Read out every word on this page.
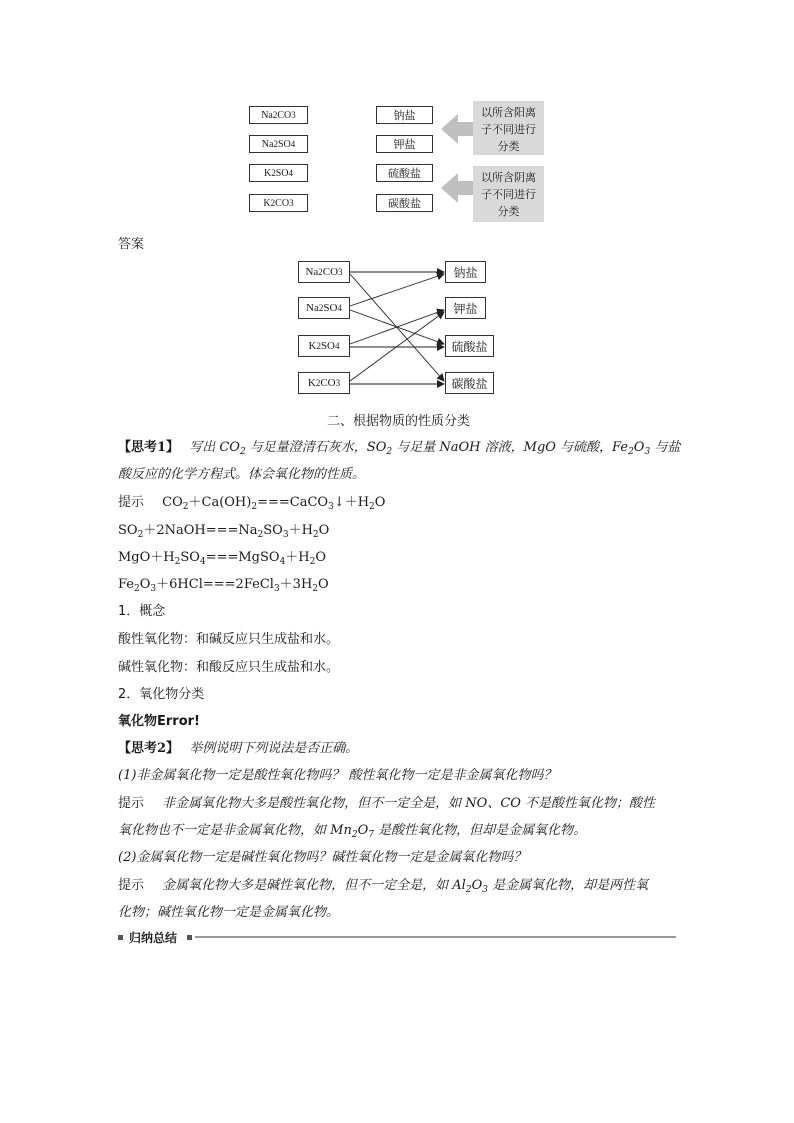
Na 2 CO 3
Na 2 SO 4
K 2 SO 4
K 2 CO 3
钠盐
钾盐
硫酸盐
碳酸盐
以所含阳离子不同进行分类
以所含阴离子不同进行分类
答案
Na 2 CO 3
Na 2 SO 4
K 2 SO 4
K 2 CO 3
钠盐
钾盐
硫酸盐
碳酸盐
二、根据物质的性质分类
【思考1】 写出 $CO_2$ 与足量澄清石灰水，$SO_2$ 与足量 NaOH 溶液，MgO 与硫酸，$Fe_2O_3$ 与盐
酸反应的化学方程式。体会氧化物的性质。
提示 $CO_2+Ca(OH)_2===CaCO_3↓+H_2O$
$SO_2+2NaOH===Na_2SO_3+H_2O$
$MgO+H_2SO_4===MgSO_4+H_2O$
$Fe_2O_3+6HCl===2FeCl_3+3H_2O$
1．概念
酸性氧化物：和碱反应只生成盐和水。
碱性氧化物：和酸反应只生成盐和水。
2．氧化物分类
氧化物Error!
【思考2】 举例说明下列说法是否正确。
(1)非金属氧化物一定是酸性氧化物吗？ 酸性氧化物一定是非金属氧化物吗？
提示 非金属氧化物大多是酸性氧化物，但不一定全是，如 NO、CO 不是酸性氧化物；酸性
氧化物也不一定是非金属氧化物，如 $Mn_2O_7$ 是酸性氧化物，但却是金属氧化物。
(2)金属氧化物一定是碱性氧化物吗？碱性氧化物一定是金属氧化物吗？
提示 金属氧化物大多是碱性氧化物，但不一定全是，如 $Al_2O_3$ 是金属氧化物，却是两性氧
化物；碱性氧化物一定是金属氧化物。
归纳总结
